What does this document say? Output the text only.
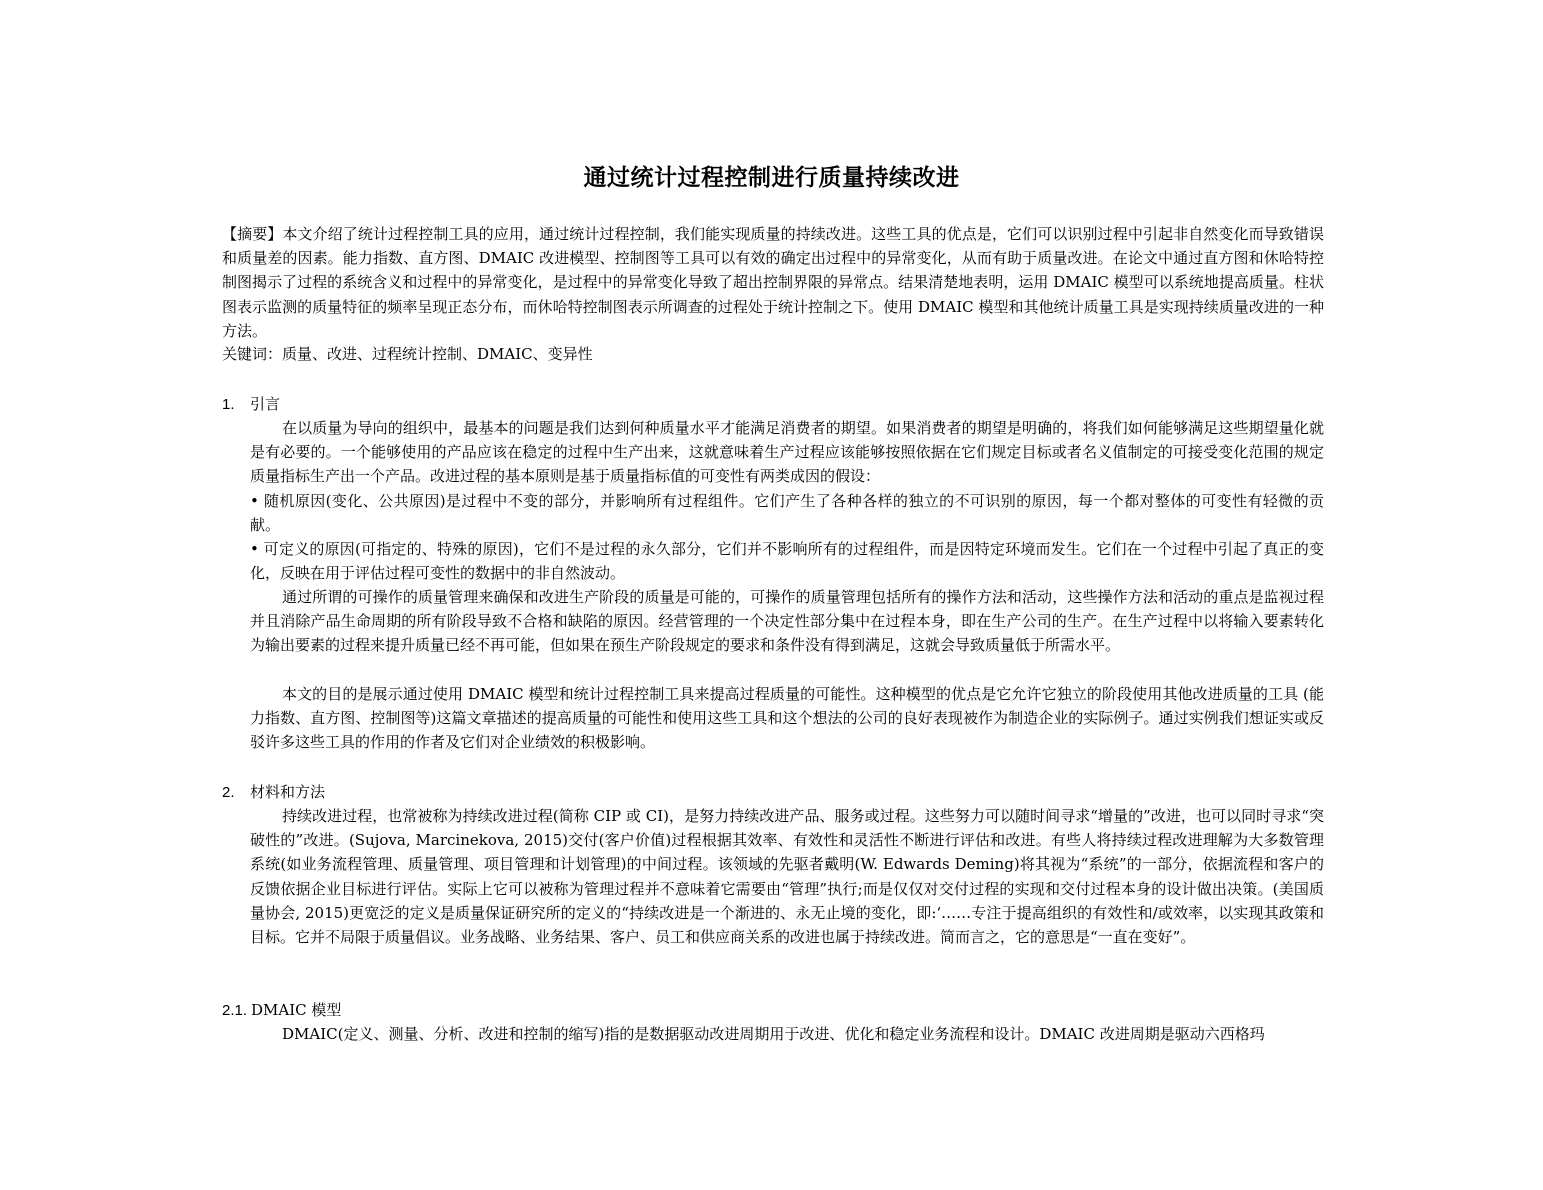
通过统计过程控制进行质量持续改进

【摘要】本文介绍了统计过程控制工具的应用，通过统计过程控制，我们能实现质量的持续改进。这些工具的优点是，它们可以识别过程中引起非自然变化而导致错误和质量差的因素。能力指数、直方图、DMAIC 改进模型、控制图等工具可以有效的确定出过程中的异常变化，从而有助于质量改进。在论文中通过直方图和休哈特控制图揭示了过程的系统含义和过程中的异常变化，是过程中的异常变化导致了超出控制界限的异常点。结果清楚地表明，运用 DMAIC 模型可以系统地提高质量。柱状图表示监测的质量特征的频率呈现正态分布，而休哈特控制图表示所调查的过程处于统计控制之下。使用 DMAIC 模型和其他统计质量工具是实现持续质量改进的一种方法。

关键词：质量、改进、过程统计控制、DMAIC、变异性

1. 引言

在以质量为导向的组织中，最基本的问题是我们达到何种质量水平才能满足消费者的期望。如果消费者的期望是明确的，将我们如何能够满足这些期望量化就是有必要的。一个能够使用的产品应该在稳定的过程中生产出来，这就意味着生产过程应该能够按照依据在它们规定目标或者名义值制定的可接受变化范围的规定质量指标生产出一个产品。改进过程的基本原则是基于质量指标值的可变性有两类成因的假设：

• 随机原因(变化、公共原因)是过程中不变的部分，并影响所有过程组件。它们产生了各种各样的独立的不可识别的原因，每一个都对整体的可变性有轻微的贡献。

• 可定义的原因(可指定的、特殊的原因)，它们不是过程的永久部分，它们并不影响所有的过程组件，而是因特定环境而发生。它们在一个过程中引起了真正的变化，反映在用于评估过程可变性的数据中的非自然波动。

通过所谓的可操作的质量管理来确保和改进生产阶段的质量是可能的，可操作的质量管理包括所有的操作方法和活动，这些操作方法和活动的重点是监视过程并且消除产品生命周期的所有阶段导致不合格和缺陷的原因。经营管理的一个决定性部分集中在过程本身，即在生产公司的生产。在生产过程中以将输入要素转化为输出要素的过程来提升质量已经不再可能，但如果在预生产阶段规定的要求和条件没有得到满足，这就会导致质量低于所需水平。

本文的目的是展示通过使用 DMAIC 模型和统计过程控制工具来提高过程质量的可能性。这种模型的优点是它允许它独立的阶段使用其他改进质量的工具 (能力指数、直方图、控制图等)这篇文章描述的提高质量的可能性和使用这些工具和这个想法的公司的良好表现被作为制造企业的实际例子。通过实例我们想证实或反驳许多这些工具的作用的作者及它们对企业绩效的积极影响。

2. 材料和方法

持续改进过程，也常被称为持续改进过程(简称 CIP 或 CI)，是努力持续改进产品、服务或过程。这些努力可以随时间寻求“增量的”改进，也可以同时寻求“突破性的”改进。(Sujova, Marcinekova, 2015)交付(客户价值)过程根据其效率、有效性和灵活性不断进行评估和改进。有些人将持续过程改进理解为大多数管理系统(如业务流程管理、质量管理、项目管理和计划管理)的中间过程。该领域的先驱者戴明(W. Edwards Deming)将其视为“系统”的一部分，依据流程和客户的反馈依据企业目标进行评估。实际上它可以被称为管理过程并不意味着它需要由“管理”执行;而是仅仅对交付过程的实现和交付过程本身的设计做出决策。(美国质量协会, 2015)更宽泛的定义是质量保证研究所的定义的“持续改进是一个渐进的、永无止境的变化，即:‘……专注于提高组织的有效性和/或效率，以实现其政策和目标。它并不局限于质量倡议。业务战略、业务结果、客户、员工和供应商关系的改进也属于持续改进。简而言之，它的意思是“一直在变好”。

2.1. DMAIC 模型

DMAIC(定义、测量、分析、改进和控制的缩写)指的是数据驱动改进周期用于改进、优化和稳定业务流程和设计。DMAIC 改进周期是驱动六西格玛
